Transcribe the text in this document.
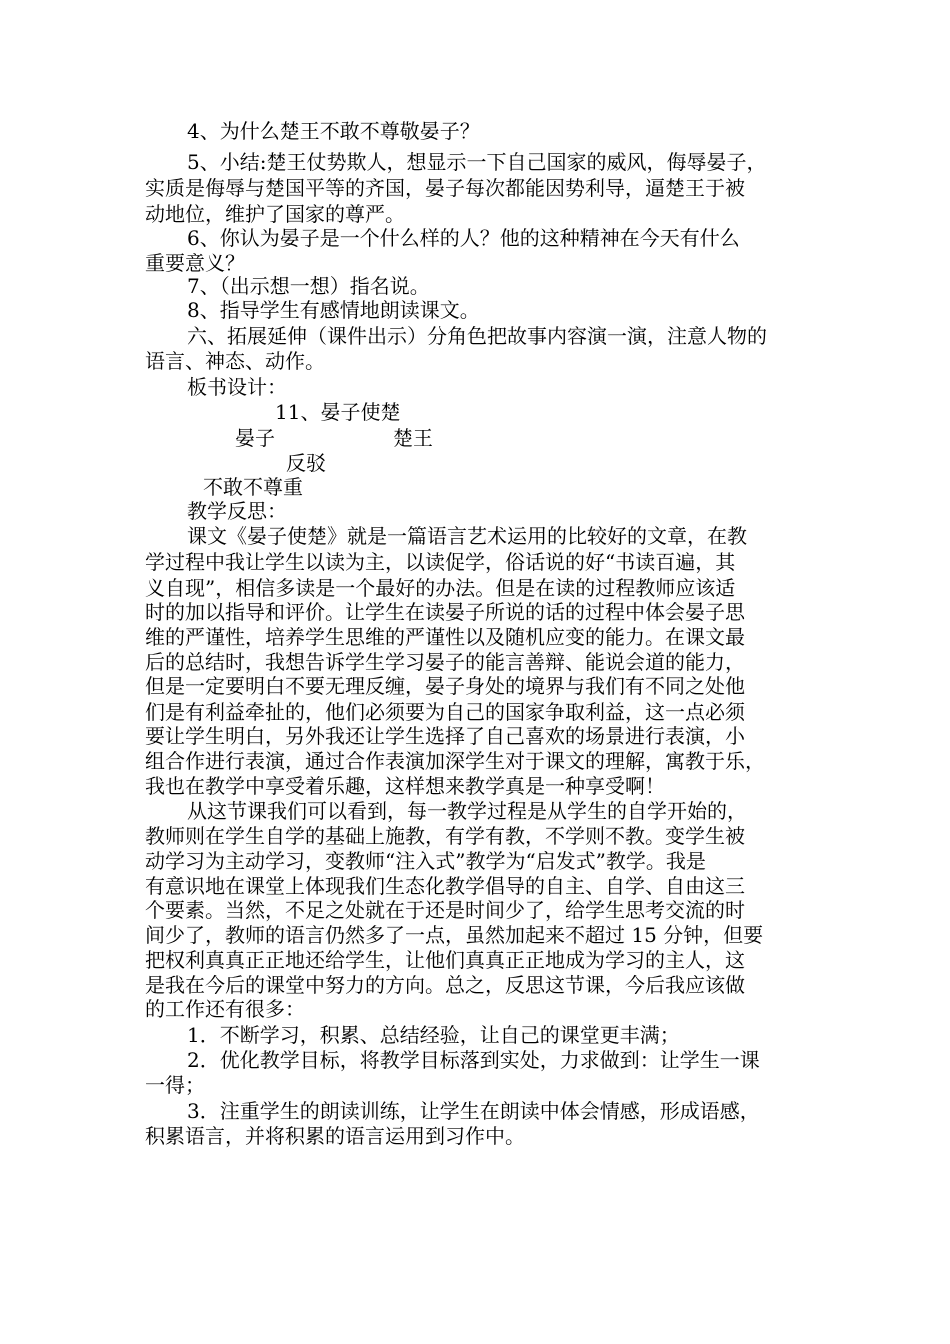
4、为什么楚王不敢不尊敬晏子？
5、小结:楚王仗势欺人，想显示一下自己国家的威风，侮辱晏子，
实质是侮辱与楚国平等的齐国，晏子每次都能因势利导，逼楚王于被
动地位，维护了国家的尊严。
6、你认为晏子是一个什么样的人？他的这种精神在今天有什么
重要意义？
7、（出示想一想）指名说。
8、指导学生有感情地朗读课文。
六、拓展延伸（课件出示）分角色把故事内容演一演，注意人物的
语言、神态、动作。
板书设计：
11、晏子使楚
晏子	楚王
反驳
不敢不尊重
教学反思：
课文《晏子使楚》就是一篇语言艺术运用的比较好的文章，在教
学过程中我让学生以读为主，以读促学，俗话说的好“书读百遍，其
义自现”，相信多读是一个最好的办法。但是在读的过程教师应该适
时的加以指导和评价。让学生在读晏子所说的话的过程中体会晏子思
维的严谨性，培养学生思维的严谨性以及随机应变的能力。在课文最
后的总结时，我想告诉学生学习晏子的能言善辩、能说会道的能力，
但是一定要明白不要无理反缠，晏子身处的境界与我们有不同之处他
们是有利益牵扯的，他们必须要为自己的国家争取利益，这一点必须
要让学生明白，另外我还让学生选择了自己喜欢的场景进行表演，小
组合作进行表演，通过合作表演加深学生对于课文的理解，寓教于乐，
我也在教学中享受着乐趣，这样想来教学真是一种享受啊！
从这节课我们可以看到，每一教学过程是从学生的自学开始的，
教师则在学生自学的基础上施教，有学有教，不学则不教。变学生被
动学习为主动学习，变教师“注入式”教学为“启发式”教学。我是
有意识地在课堂上体现我们生态化教学倡导的自主、自学、自由这三
个要素。当然，不足之处就在于还是时间少了，给学生思考交流的时
间少了，教师的语言仍然多了一点，虽然加起来不超过 15 分钟，但要
把权利真真正正地还给学生，让他们真真正正地成为学习的主人，这
是我在今后的课堂中努力的方向。总之，反思这节课，今后我应该做
的工作还有很多：
1．不断学习，积累、总结经验，让自己的课堂更丰满；
2．优化教学目标，将教学目标落到实处，力求做到：让学生一课
一得；
3．注重学生的朗读训练，让学生在朗读中体会情感，形成语感，
积累语言，并将积累的语言运用到习作中。
